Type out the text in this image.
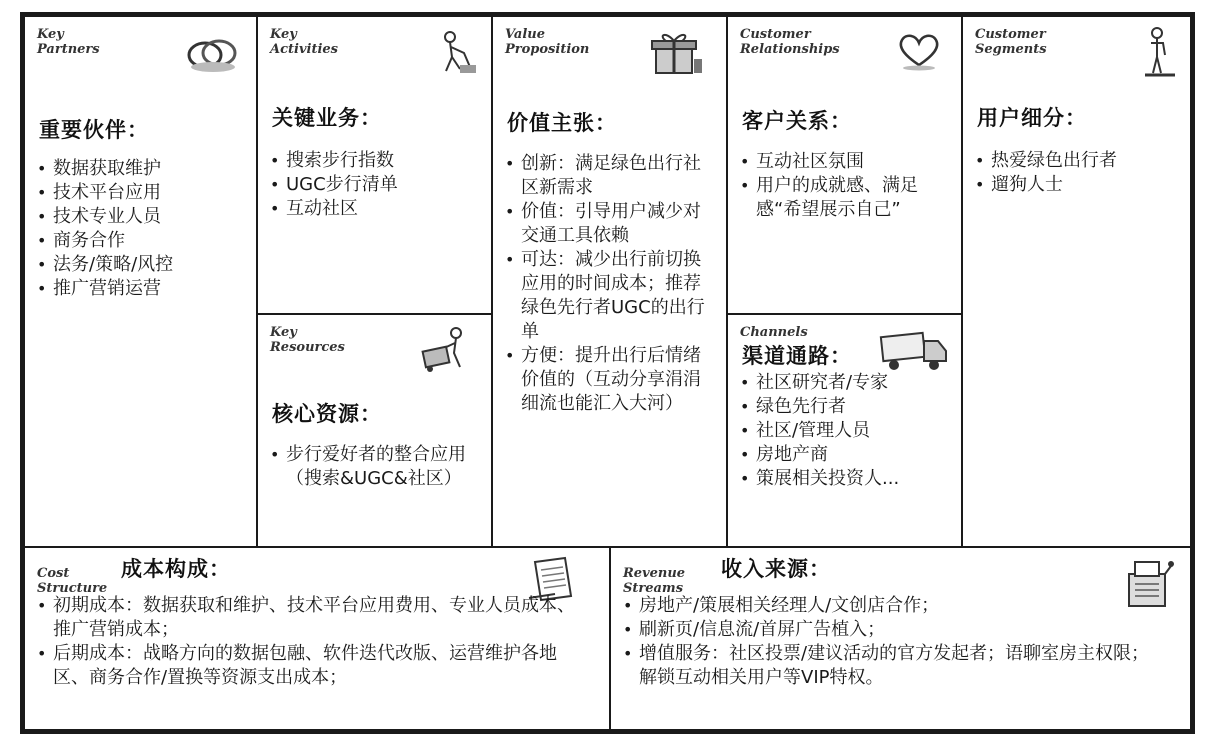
Key
Partners
重要伙伴：
• 数据获取维护
• 技术平台应用
• 技术专业人员
• 商务合作
• 法务/策略/风控
• 推广营销运营
Key
Activities
关键业务：
• 搜索步行指数
• UGC步行清单
• 互动社区
Key
Resources
核心资源：
• 步行爱好者的整合应用（搜索&UGC&社区）
Value
Proposition
价值主张：
• 创新：满足绿色出行社区新需求
• 价值：引导用户减少对交通工具依赖
• 可达：减少出行前切换应用的时间成本；推荐绿色先行者UGC的出行单
• 方便：提升出行后情绪价值的（互动分享涓涓细流也能汇入大河）
Customer
Relationships
客户关系：
• 互动社区氛围
• 用户的成就感、满足感“希望展示自己”
Channels
渠道通路：
• 社区研究者/专家
• 绿色先行者
• 社区/管理人员
• 房地产商
• 策展相关投资人...
Customer
Segments
用户细分：
• 热爱绿色出行者
• 遛狗人士
Cost
Structure
成本构成：
• 初期成本：数据获取和维护、技术平台应用费用、专业人员成本、推广营销成本；
• 后期成本：战略方向的数据包融、软件迭代改版、运营维护各地区、商务合作/置换等资源支出成本；
Revenue
Streams
收入来源：
• 房地产/策展相关经理人/文创店合作；
• 刷新页/信息流/首屏广告植入；
• 增值服务：社区投票/建议活动的官方发起者；语聊室房主权限；解锁互动相关用户等VIP特权。
